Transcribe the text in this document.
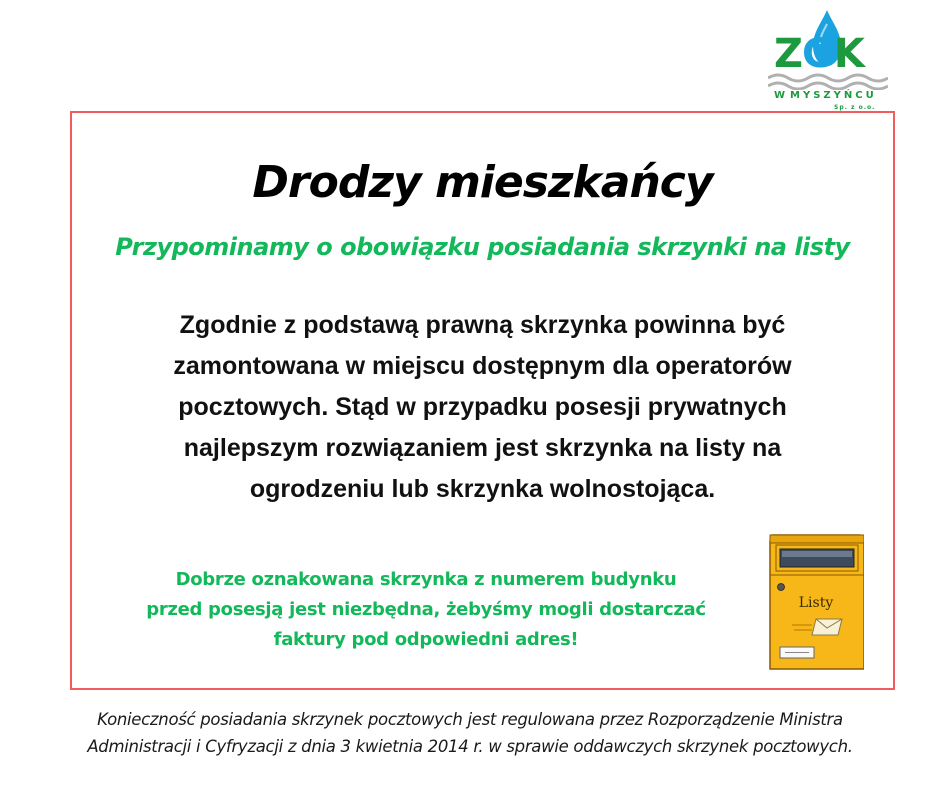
ZGK
W MYSZYŃCU
Sp. z o.o.
Drodzy mieszkańcy
Przypominamy o obowiązku posiadania skrzynki na listy
Zgodnie z podstawą prawną skrzynka powinna być
zamontowana w miejscu dostępnym dla operatorów
pocztowych. Stąd w przypadku posesji prywatnych
najlepszym rozwiązaniem jest skrzynka na listy na
ogrodzeniu lub skrzynka wolnostojąca.
Dobrze oznakowana skrzynka z numerem budynku
przed posesją jest niezbędna, żebyśmy mogli dostarczać
faktury pod odpowiedni adres!
Listy
Konieczność posiadania skrzynek pocztowych jest regulowana przez Rozporządzenie Ministra
Administracji i Cyfryzacji z dnia 3 kwietnia 2014 r. w sprawie oddawczych skrzynek pocztowych.
